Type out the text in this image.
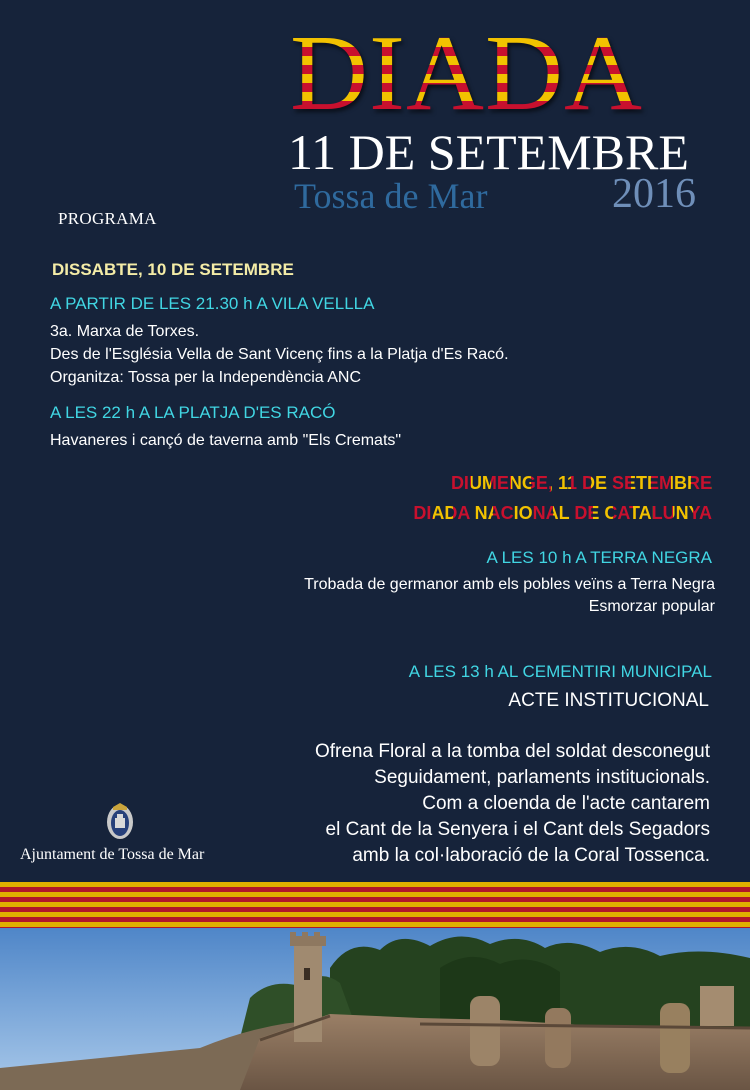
DIADA
11 DE SETEMBRE
Tossa de Mar	2016
PROGRAMA
DISSABTE, 10 DE SETEMBRE
A PARTIR DE LES 21.30 h A VILA VELLLA
3a. Marxa de Torxes.
Des de l'Església Vella de Sant Vicenç fins a la Platja d'Es Racó.
Organitza: Tossa per la Independència ANC
A LES 22 h A LA PLATJA D'ES RACÓ
Havaneres i cançó de taverna amb "Els Cremats"
DIUMENGE, 11 DE SETEMBRE
DIADA NACIONAL DE CATALUNYA
A LES 10 h A TERRA NEGRA
Trobada de germanor amb els pobles veïns a Terra Negra
Esmorzar popular
A LES 13 h AL CEMENTIRI MUNICIPAL
ACTE INSTITUCIONAL
Ofrena Floral a la tomba del soldat desconegut
Seguidament, parlaments institucionals.
Com a cloenda de l'acte cantarem
el Cant de la Senyera i el Cant dels Segadors
amb la col·laboració de la Coral Tossenca.
Ajuntament de Tossa de Mar
